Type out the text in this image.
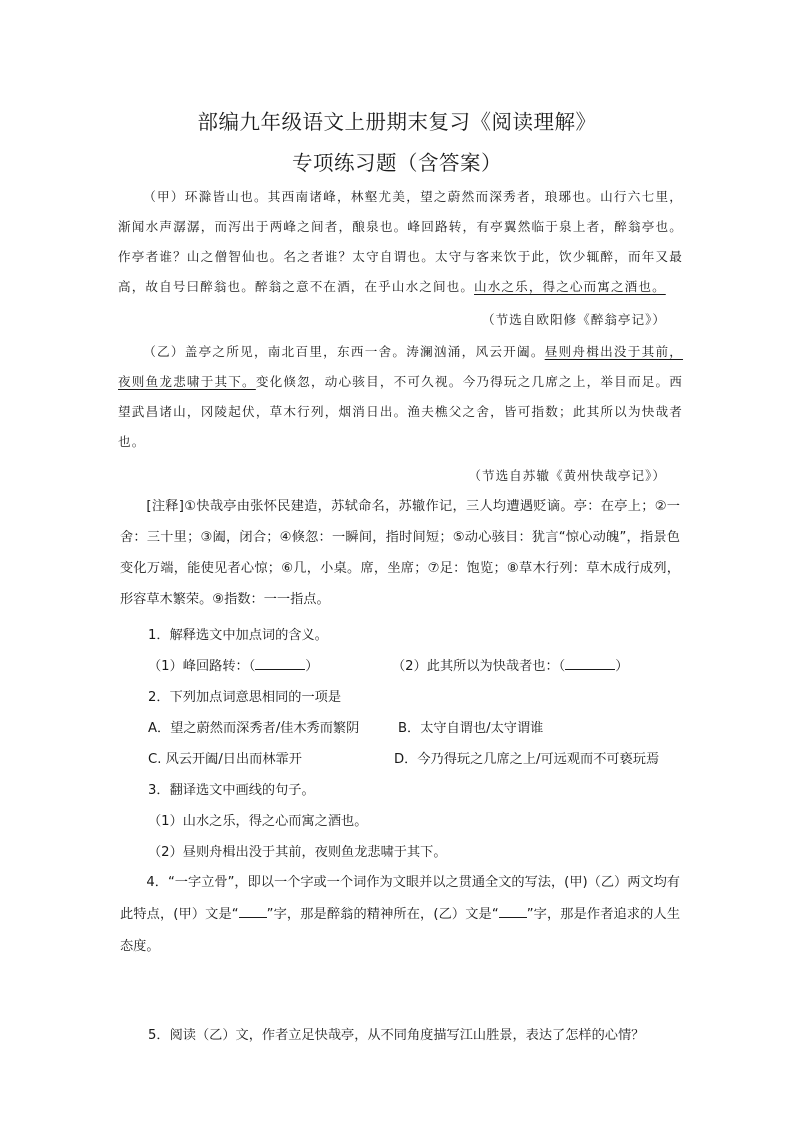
部编九年级语文上册期末复习《阅读理解》
专项练习题（含答案）

（甲）环滁皆山也。其西南诸峰，林壑尤美，望之蔚然而深秀者，琅琊也。山行六七里，渐闻水声潺潺，而泻出于两峰之间者，酿泉也。峰回路转，有亭翼然临于泉上者，醉翁亭也。作亭者谁？山之僧智仙也。名之者谁？太守自谓也。太守与客来饮于此，饮少辄醉，而年又最高，故自号曰醉翁也。醉翁之意不在酒，在乎山水之间也。山水之乐，得之心而寓之酒也。

（节选自欧阳修《醉翁亭记》）

（乙）盖亭之所见，南北百里，东西一舍。涛澜汹涌，风云开阖。昼则舟楫出没于其前，夜则鱼龙悲啸于其下。变化倏忽，动心骇目，不可久视。今乃得玩之几席之上，举目而足。西望武昌诸山，冈陵起伏，草木行列，烟消日出。渔夫樵父之舍，皆可指数；此其所以为快哉者也。

（节选自苏辙《黄州快哉亭记》）

[注释]①快哉亭由张怀民建造，苏轼命名，苏辙作记，三人均遭遇贬谪。亭：在亭上；②一舍：三十里；③阖，闭合；④倏忽：一瞬间，指时间短；⑤动心骇目：犹言“惊心动魄”，指景色变化万端，能使见者心惊；⑥几，小桌。席，坐席；⑦足：饱览；⑧草木行列：草木成行成列，形容草木繁荣。⑨指数：一一指点。

1．解释选文中加点词的含义。
（1）峰回路转：（	）	（2）此其所以为快哉者也：（	）
2．下列加点词意思相同的一项是
A．望之蔚然而深秀者/佳木秀而繁阴	B．太守自谓也/太守谓谁
C. 风云开阖/日出而林霏开	D．今乃得玩之几席之上/可远观而不可亵玩焉
3．翻译选文中画线的句子。
（1）山水之乐，得之心而寓之酒也。
（2）昼则舟楫出没于其前，夜则鱼龙悲啸于其下。

4．“一字立骨”，即以一个字或一个词作为文眼并以之贯通全文的写法，(甲)（乙）两文均有此特点，(甲）文是“ ”字，那是醉翁的精神所在，(乙）文是“ ”字，那是作者追求的人生态度。

5．阅读（乙）文，作者立足快哉亭，从不同角度描写江山胜景，表达了怎样的心情？
